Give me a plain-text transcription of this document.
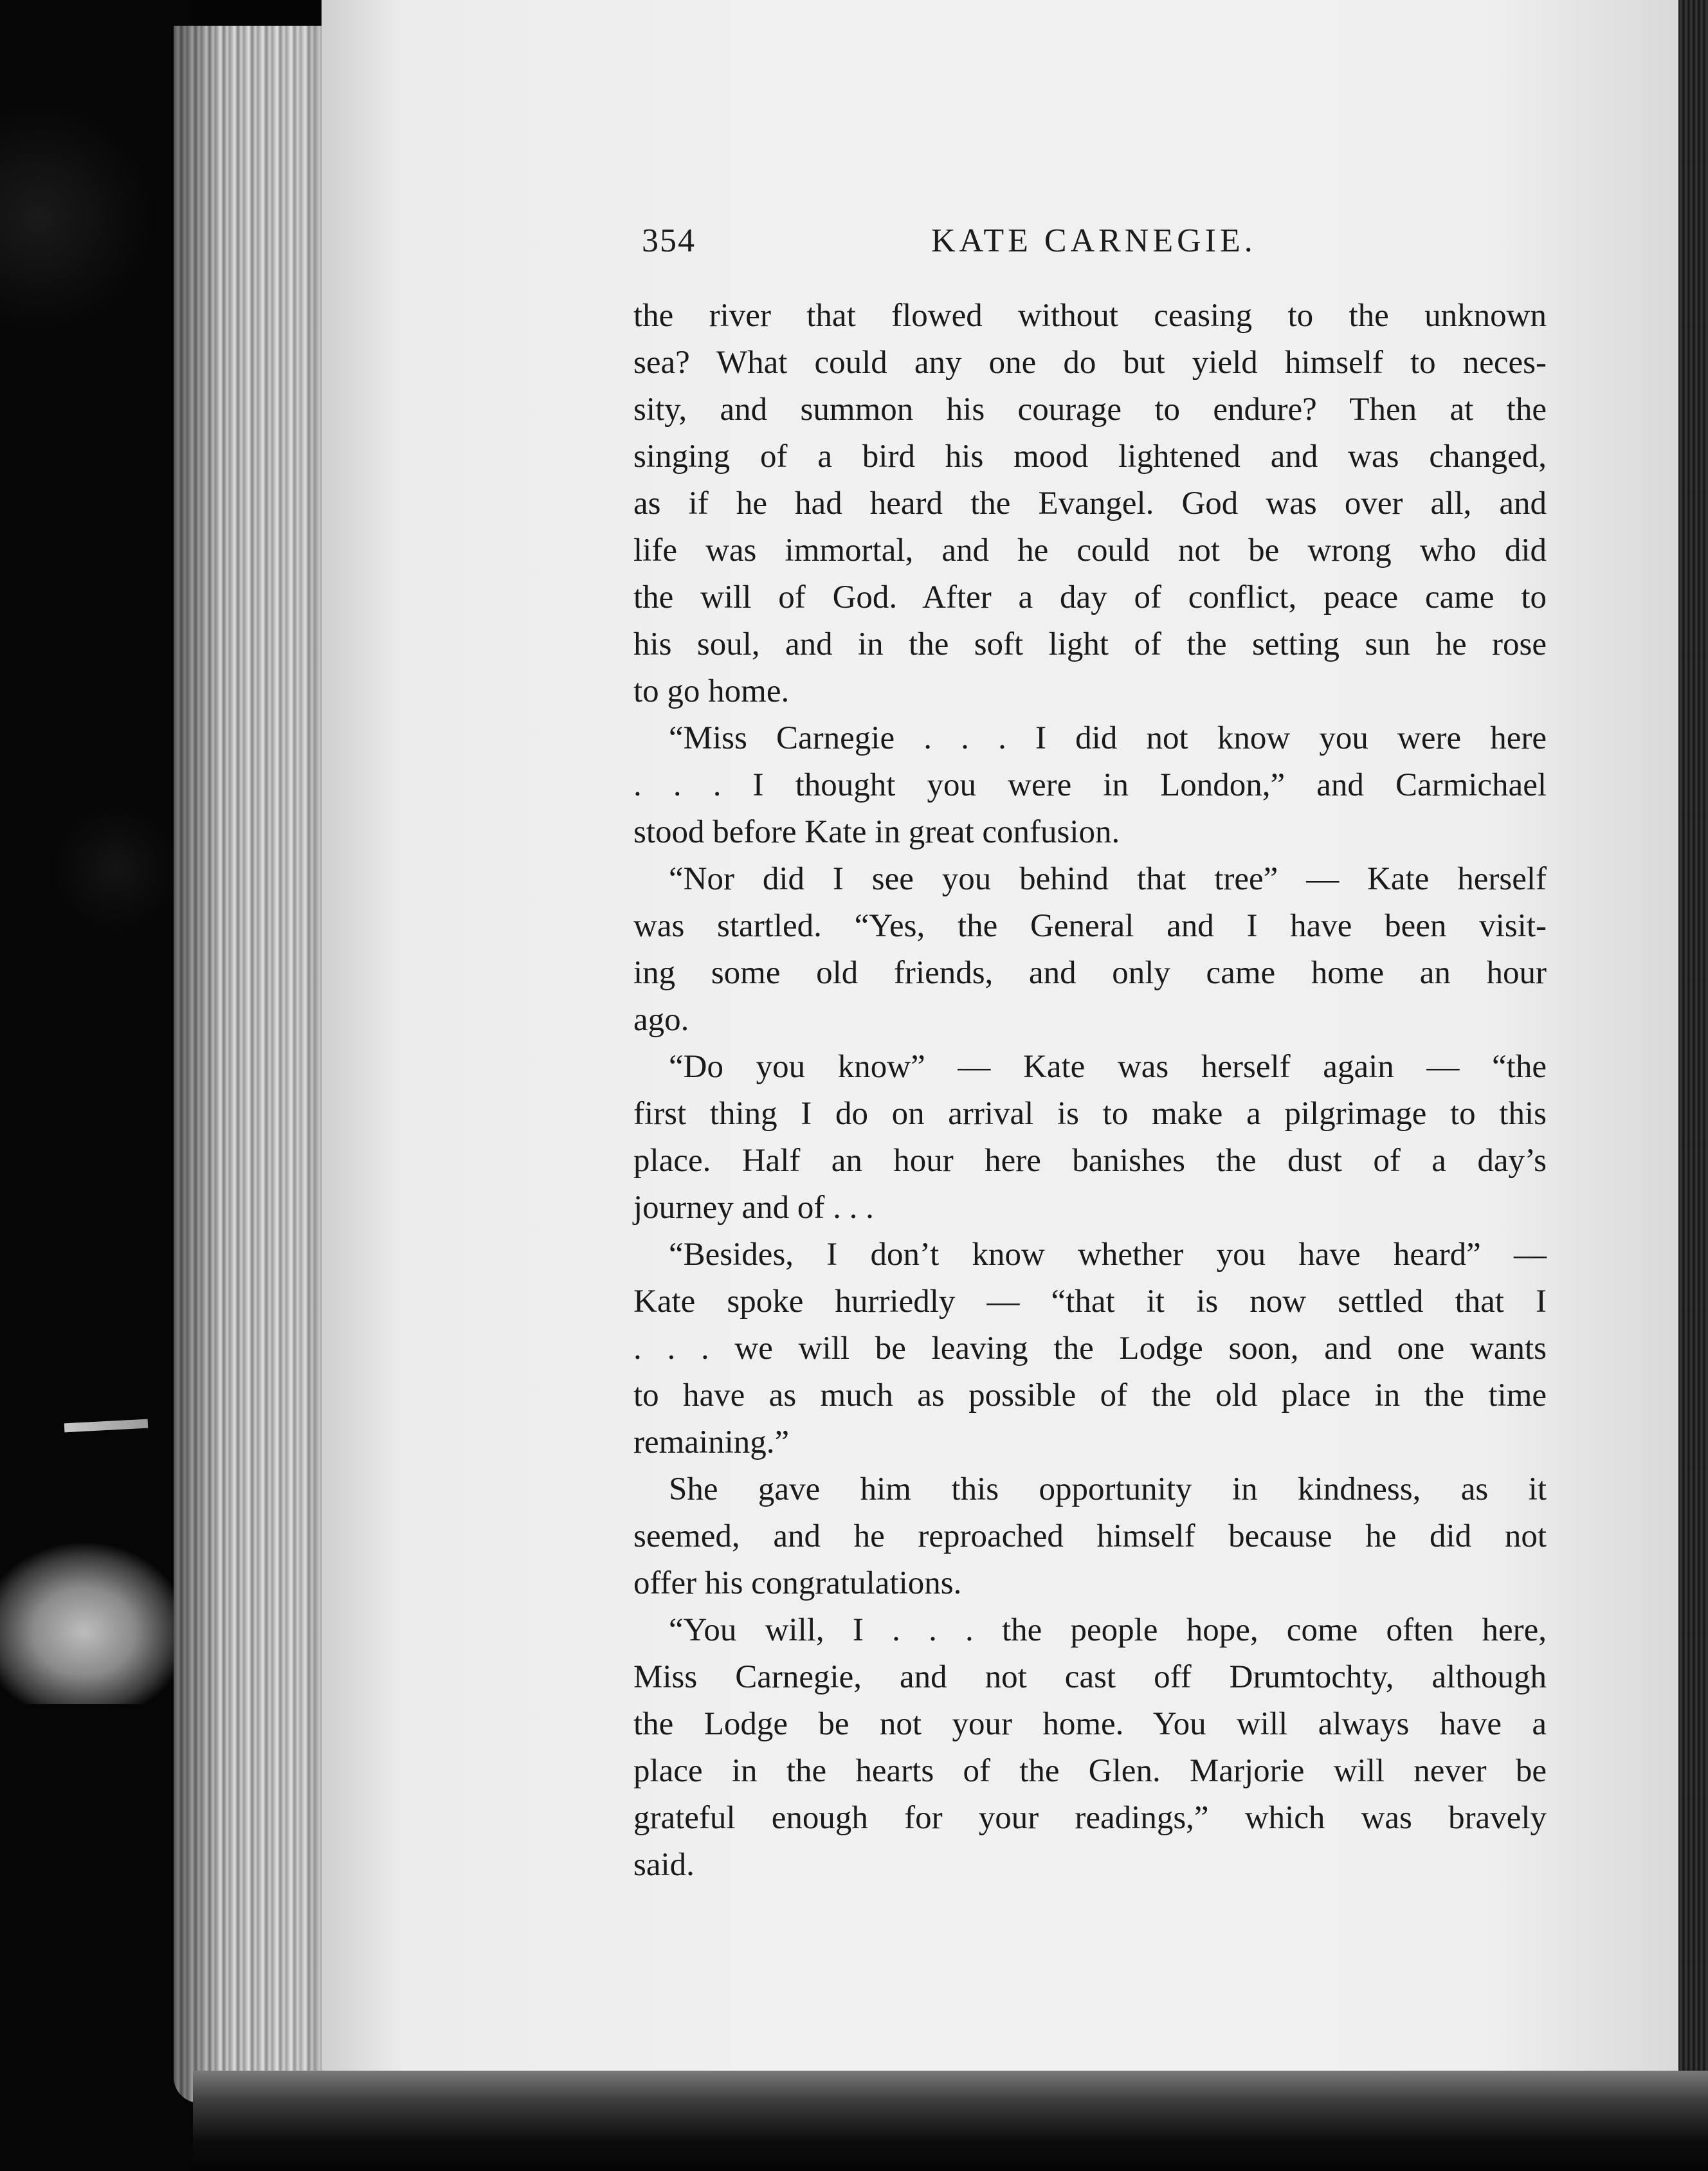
354	KATE CARNEGIE.
the river that flowed without ceasing to the unknown
sea? What could any one do but yield himself to neces-
sity, and summon his courage to endure? Then at the
singing of a bird his mood lightened and was changed,
as if he had heard the Evangel. God was over all, and
life was immortal, and he could not be wrong who did
the will of God. After a day of conflict, peace came to
his soul, and in the soft light of the setting sun he rose
to go home.
“Miss Carnegie . . . I did not know you were here
. . . I thought you were in London,” and Carmichael
stood before Kate in great confusion.
“Nor did I see you behind that tree” — Kate herself
was startled. “Yes, the General and I have been visit-
ing some old friends, and only came home an hour
ago.
“Do you know” — Kate was herself again — “the
first thing I do on arrival is to make a pilgrimage to this
place. Half an hour here banishes the dust of a day’s
journey and of . . .
“Besides, I don’t know whether you have heard” —
Kate spoke hurriedly — “that it is now settled that I
. . . we will be leaving the Lodge soon, and one wants
to have as much as possible of the old place in the time
remaining.”
She gave him this opportunity in kindness, as it
seemed, and he reproached himself because he did not
offer his congratulations.
“You will, I . . . the people hope, come often here,
Miss Carnegie, and not cast off Drumtochty, although
the Lodge be not your home. You will always have a
place in the hearts of the Glen. Marjorie will never be
grateful enough for your readings,” which was bravely
said.
